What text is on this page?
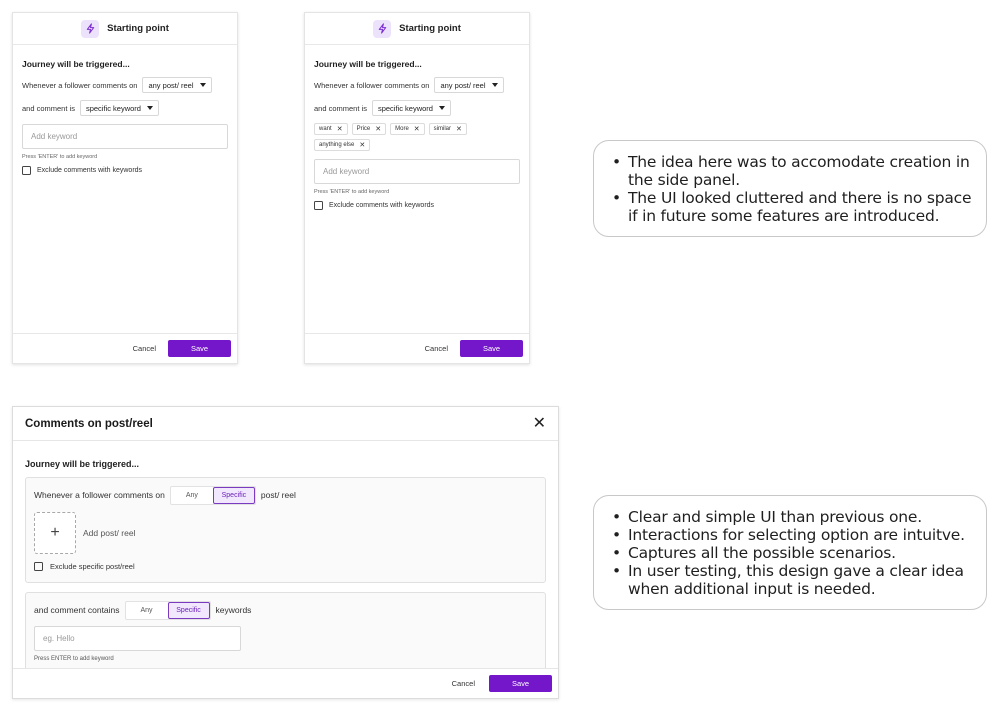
Starting point
Journey will be triggered...
Whenever a follower comments on any post/ reel
and comment is specific keyword
Add keyword
Press 'ENTER' to add keyword
Exclude comments with keywords
Cancel	Save
Starting point
Journey will be triggered...
Whenever a follower comments on any post/ reel
and comment is specific keyword
want ✕ Price ✕ More ✕ similar ✕
anything else ✕
Add keyword
Press 'ENTER' to add keyword
Exclude comments with keywords
Cancel	Save
• The idea here was to accomodate creation in the side panel.
• The UI looked cluttered and there is no space if in future some features are introduced.
Comments on post/reel	✕
Journey will be triggered...
Whenever a follower comments on	Any	Specific	post/ reel
+	Add post/ reel
Exclude specific post/reel
and comment contains	Any	Specific	keywords
eg. Hello
Press ENTER to add keyword
Cancel	Save
• Clear and simple UI than previous one.
• Interactions for selecting option are intuitve.
• Captures all the possible scenarios.
• In user testing, this design gave a clear idea when additional input is needed.
